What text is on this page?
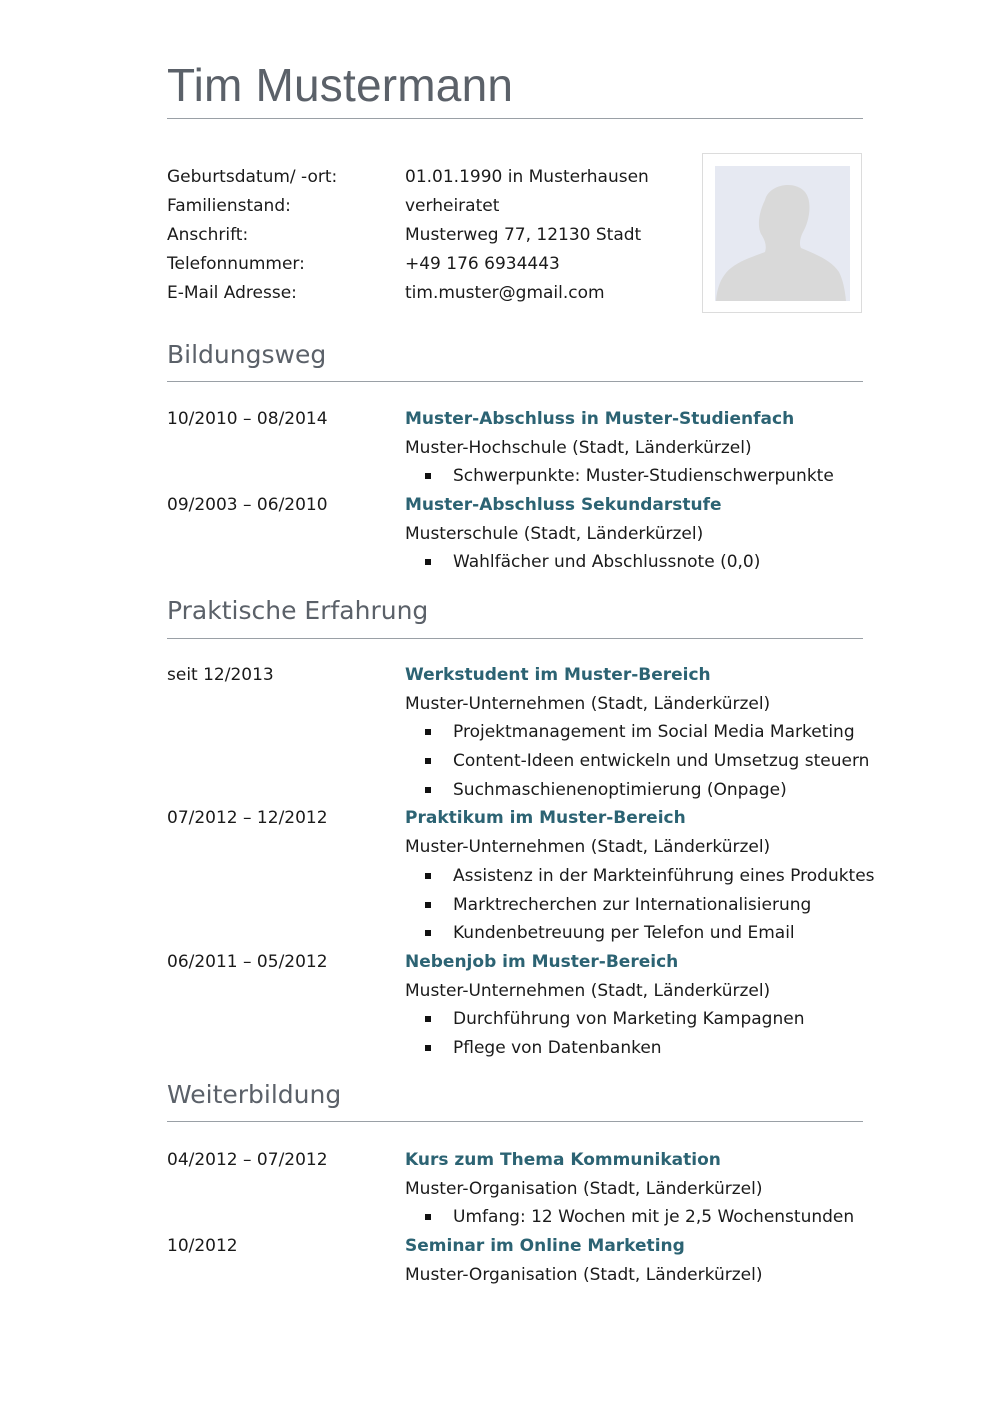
Tim Mustermann
Geburtsdatum/ -ort:	01.01.1990 in Musterhausen
Familienstand:	verheiratet
Anschrift:	Musterweg 77, 12130 Stadt
Telefonnummer:	+49 176 6934443
E-Mail Adresse:	tim.muster@gmail.com
Bildungsweg
10/2010 – 08/2014	Muster-Abschluss in Muster-Studienfach
Muster-Hochschule (Stadt, Länderkürzel)
Schwerpunkte: Muster-Studienschwerpunkte
09/2003 – 06/2010	Muster-Abschluss Sekundarstufe
Musterschule (Stadt, Länderkürzel)
Wahlfächer und Abschlussnote (0,0)
Praktische Erfahrung
seit 12/2013	Werkstudent im Muster-Bereich
Muster-Unternehmen (Stadt, Länderkürzel)
Projektmanagement im Social Media Marketing
Content-Ideen entwickeln und Umsetzug steuern
Suchmaschienenoptimierung (Onpage)
07/2012 – 12/2012	Praktikum im Muster-Bereich
Muster-Unternehmen (Stadt, Länderkürzel)
Assistenz in der Markteinführung eines Produktes
Marktrecherchen zur Internationalisierung
Kundenbetreuung per Telefon und Email
06/2011 – 05/2012	Nebenjob im Muster-Bereich
Muster-Unternehmen (Stadt, Länderkürzel)
Durchführung von Marketing Kampagnen
Pflege von Datenbanken
Weiterbildung
04/2012 – 07/2012	Kurs zum Thema Kommunikation
Muster-Organisation (Stadt, Länderkürzel)
Umfang: 12 Wochen mit je 2,5 Wochenstunden
10/2012	Seminar im Online Marketing
Muster-Organisation (Stadt, Länderkürzel)
